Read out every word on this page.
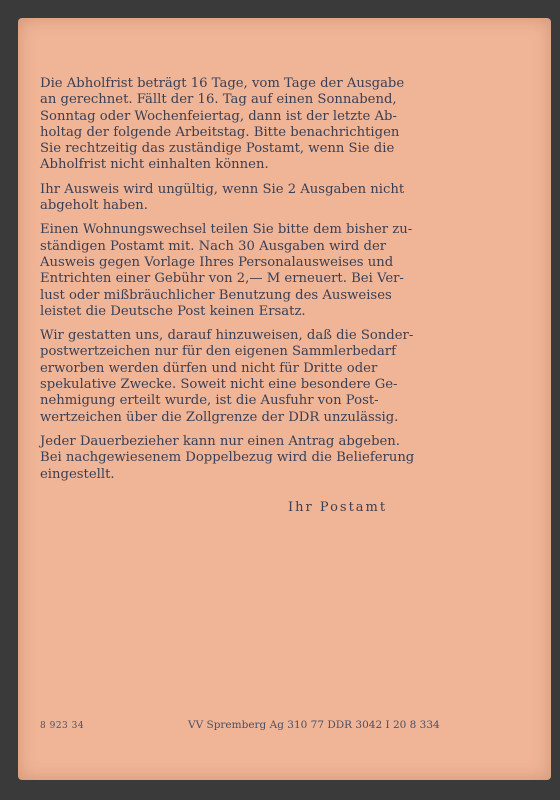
Die Abholfrist beträgt 16 Tage, vom Tage der Ausgabe
an gerechnet. Fällt der 16. Tag auf einen Sonnabend,
Sonntag oder Wochenfeiertag, dann ist der letzte Ab-
holtag der folgende Arbeitstag. Bitte benachrichtigen
Sie rechtzeitig das zuständige Postamt, wenn Sie die
Abholfrist nicht einhalten können.

Ihr Ausweis wird ungültig, wenn Sie 2 Ausgaben nicht
abgeholt haben.

Einen Wohnungswechsel teilen Sie bitte dem bisher zu-
ständigen Postamt mit. Nach 30 Ausgaben wird der
Ausweis gegen Vorlage Ihres Personalausweises und
Entrichten einer Gebühr von 2,— M erneuert. Bei Ver-
lust oder mißbräuchlicher Benutzung des Ausweises
leistet die Deutsche Post keinen Ersatz.

Wir gestatten uns, darauf hinzuweisen, daß die Sonder-
postwertzeichen nur für den eigenen Sammlerbedarf
erworben werden dürfen und nicht für Dritte oder
spekulative Zwecke. Soweit nicht eine besondere Ge-
nehmigung erteilt wurde, ist die Ausfuhr von Post-
wertzeichen über die Zollgrenze der DDR unzulässig.

Jeder Dauerbezieher kann nur einen Antrag abgeben.
Bei nachgewiesenem Doppelbezug wird die Belieferung
eingestellt.

Ihr Postamt
8 923 34	VV Spremberg Ag 310 77 DDR 3042 I 20 8 334
